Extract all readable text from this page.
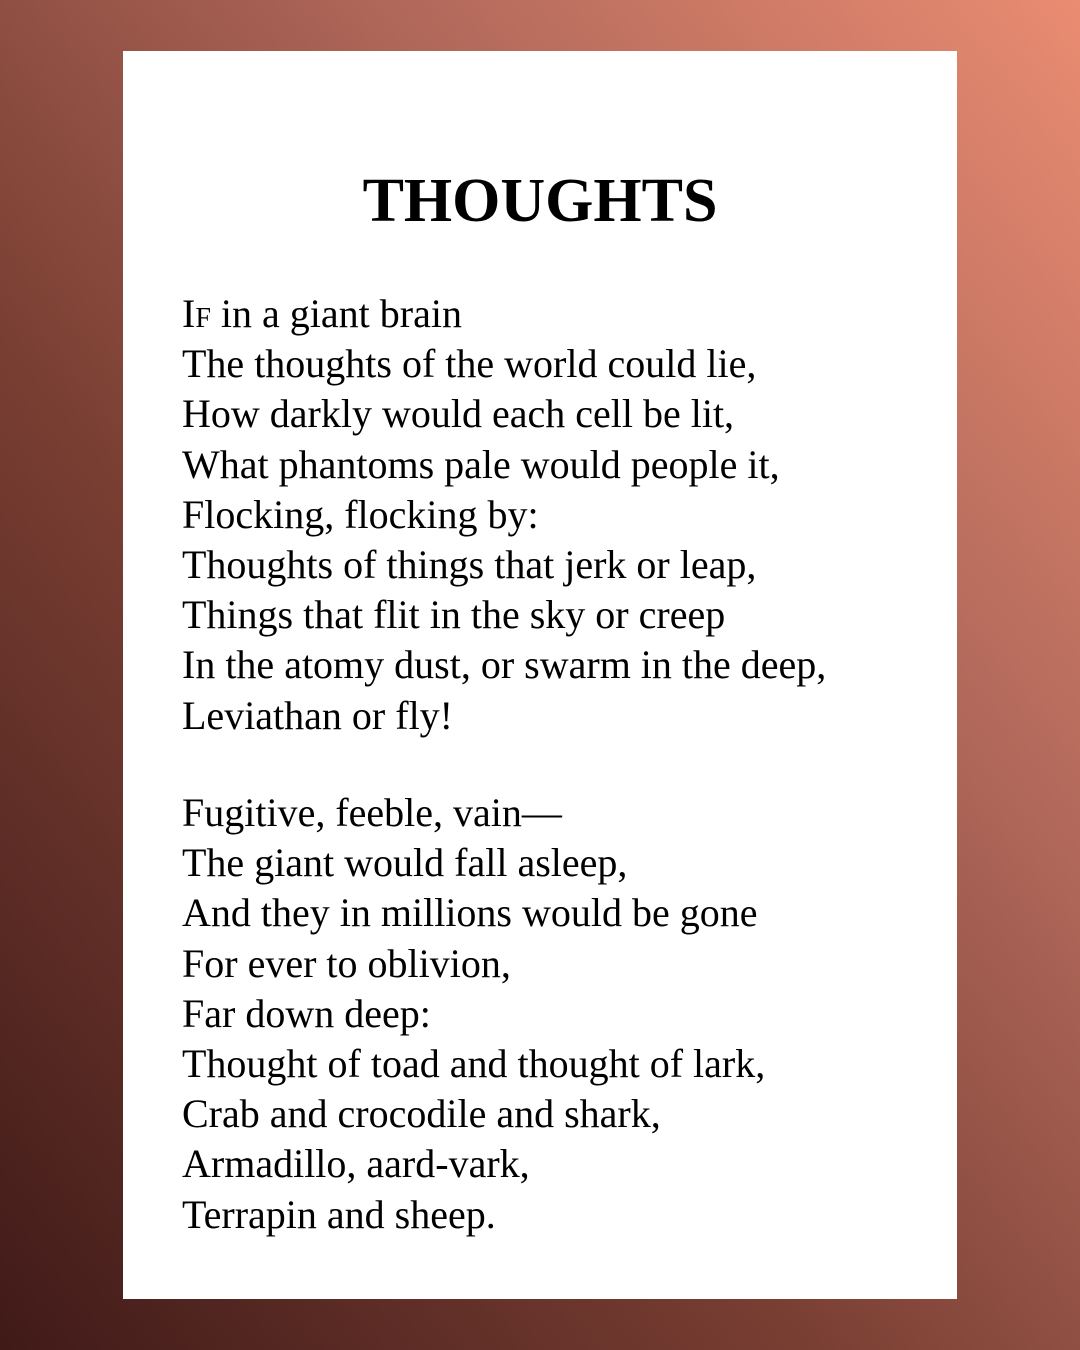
THOUGHTS
If in a giant brain
The thoughts of the world could lie,
How darkly would each cell be lit,
What phantoms pale would people it,
Flocking, flocking by:
Thoughts of things that jerk or leap,
Things that flit in the sky or creep
In the atomy dust, or swarm in the deep,
Leviathan or fly!
Fugitive, feeble, vain—
The giant would fall asleep,
And they in millions would be gone
For ever to oblivion,
Far down deep:
Thought of toad and thought of lark,
Crab and crocodile and shark,
Armadillo, aard-vark,
Terrapin and sheep.
